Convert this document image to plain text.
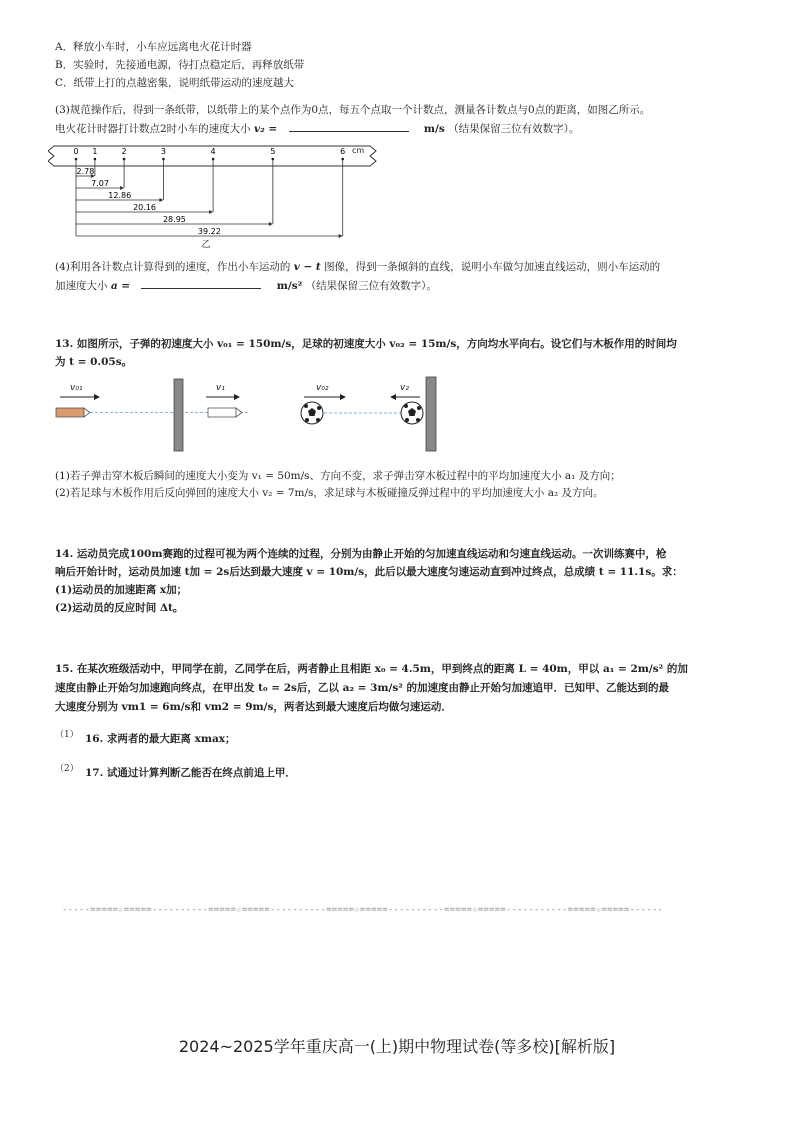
A．释放小车时，小车应远离电火花计时器
B．实验时，先接通电源，待打点稳定后，再释放纸带
C．纸带上打的点越密集，说明纸带运动的速度越大
(3)规范操作后，得到一条纸带，以纸带上的某个点作为0点，每五个点取一个计数点，测量各计数点与0点的距离，如图乙所示。
电火花计时器打计数点2时小车的速度大小 v₂ =	m/s （结果保留三位有效数字）。
0 1	2	3	4	5	6
2.78
7.07
12.86
20.16
28.95
39.22
乙
cm
(4)利用各计数点计算得到的速度，作出小车运动的 v − t 图像，得到一条倾斜的直线，说明小车做匀加速直线运动，则小车运动的
加速度大小 a =	m/s² （结果保留三位有效数字）。
13. 如图所示，子弹的初速度大小 v₀₁ = 150m/s，足球的初速度大小 v₀₂ = 15m/s，方向均水平向右。设它们与木板作用的时间均
为 t = 0.05s。
v₀₁	v₁	v₀₂	v₂
(1)若子弹击穿木板后瞬间的速度大小变为 v₁ = 50m/s、方向不变，求子弹击穿木板过程中的平均加速度大小 a₁ 及方向；
(2)若足球与木板作用后反向弹回的速度大小 v₂ = 7m/s，求足球与木板碰撞反弹过程中的平均加速度大小 a₂ 及方向。
14. 运动员完成100m赛跑的过程可视为两个连续的过程，分别为由静止开始的匀加速直线运动和匀速直线运动。一次训练赛中，枪
响后开始计时，运动员加速 t加 = 2s后达到最大速度 v = 10m/s，此后以最大速度匀速运动直到冲过终点，总成绩 t = 11.1s。求：
(1)运动员的加速距离 x加；
(2)运动员的反应时间 Δt。
15. 在某次班级活动中，甲同学在前，乙同学在后，两者静止且相距 x₀ = 4.5m，甲到终点的距离 L = 40m，甲以 a₁ = 2m/s² 的加
速度由静止开始匀加速跑向终点，在甲出发 t₀ = 2s后，乙以 a₂ = 3m/s² 的加速度由静止开始匀加速追甲．已知甲、乙能达到的最
大速度分别为 vm1 = 6m/s和 vm2 = 9m/s，两者达到最大速度后均做匀速运动．
（1） 16. 求两者的最大距离 xmax；
（2） 17. 试通过计算判断乙能否在终点前追上甲．
-----=====☆=====----------=====☆=====----------=====☆=====----------=====☆=====-----------=====☆=====------
2024~2025学年重庆高一(上)期中物理试卷(等多校)[解析版]
